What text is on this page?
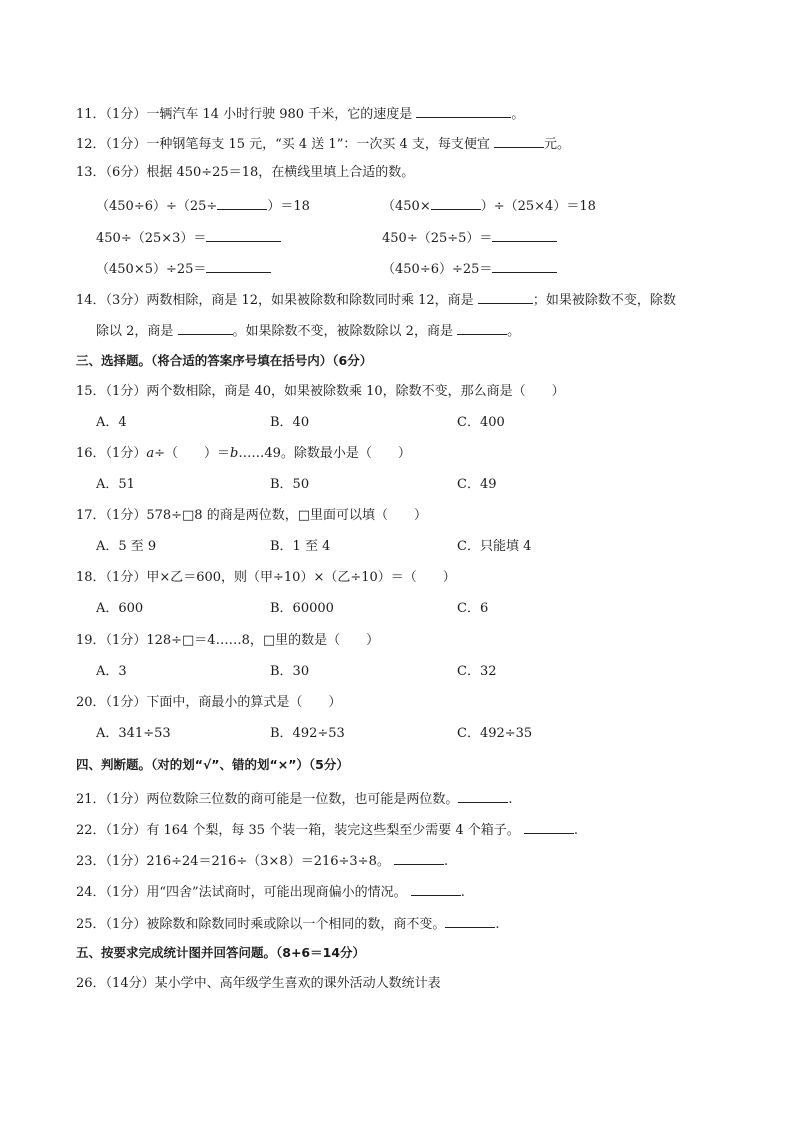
11．（1分）一辆汽车 14 小时行驶 980 千米，它的速度是	。
12．（1分）一种钢笔每支 15 元，“买 4 送 1”：一次买 4 支，每支便宜	元。
13．（6分）根据 450÷25＝18，在横线里填上合适的数。
（450÷6）÷（25÷	）＝18	（450×	）÷（25×4）＝18
450÷（25×3）＝	450÷（25÷5）＝
（450×5）÷25＝	（450÷6）÷25＝
14．（3分）两数相除，商是 12，如果被除数和除数同时乘 12，商是	；如果被除数不变，除数
除以 2，商是	。如果除数不变，被除数除以 2，商是	。
三、选择题。（将合适的答案序号填在括号内）（6分）
15．（1分）两个数相除，商是 40，如果被除数乘 10，除数不变，那么商是（　　）
A．4	B．40	C．400
16．（1分）a÷（　　）＝b……49。除数最小是（　　）
A．51	B．50	C．49
17．（1分）578÷□8 的商是两位数，□里面可以填（　　）
A．5 至 9	B．1 至 4	C．只能填 4
18．（1分）甲×乙＝600，则（甲÷10）×（乙÷10）＝（　　）
A．600	B．60000	C．6
19．（1分）128÷□＝4……8，□里的数是（　　）
A．3	B．30	C．32
20．（1分）下面中，商最小的算式是（　　）
A．341÷53	B．492÷53	C．492÷35
四、判断题。（对的划“√”、错的划“×”）（5分）
21．（1分）两位数除三位数的商可能是一位数，也可能是两位数。	.
22．（1分）有 164 个梨，每 35 个装一箱，装完这些梨至少需要 4 个箱子。	.
23．（1分）216÷24＝216÷（3×8）＝216÷3÷8。	.
24．（1分）用“四舍”法试商时，可能出现商偏小的情况。	.
25．（1分）被除数和除数同时乘或除以一个相同的数，商不变。	.
五、按要求完成统计图并回答问题。（8+6＝14分）
26．（14分）某小学中、高年级学生喜欢的课外活动人数统计表
